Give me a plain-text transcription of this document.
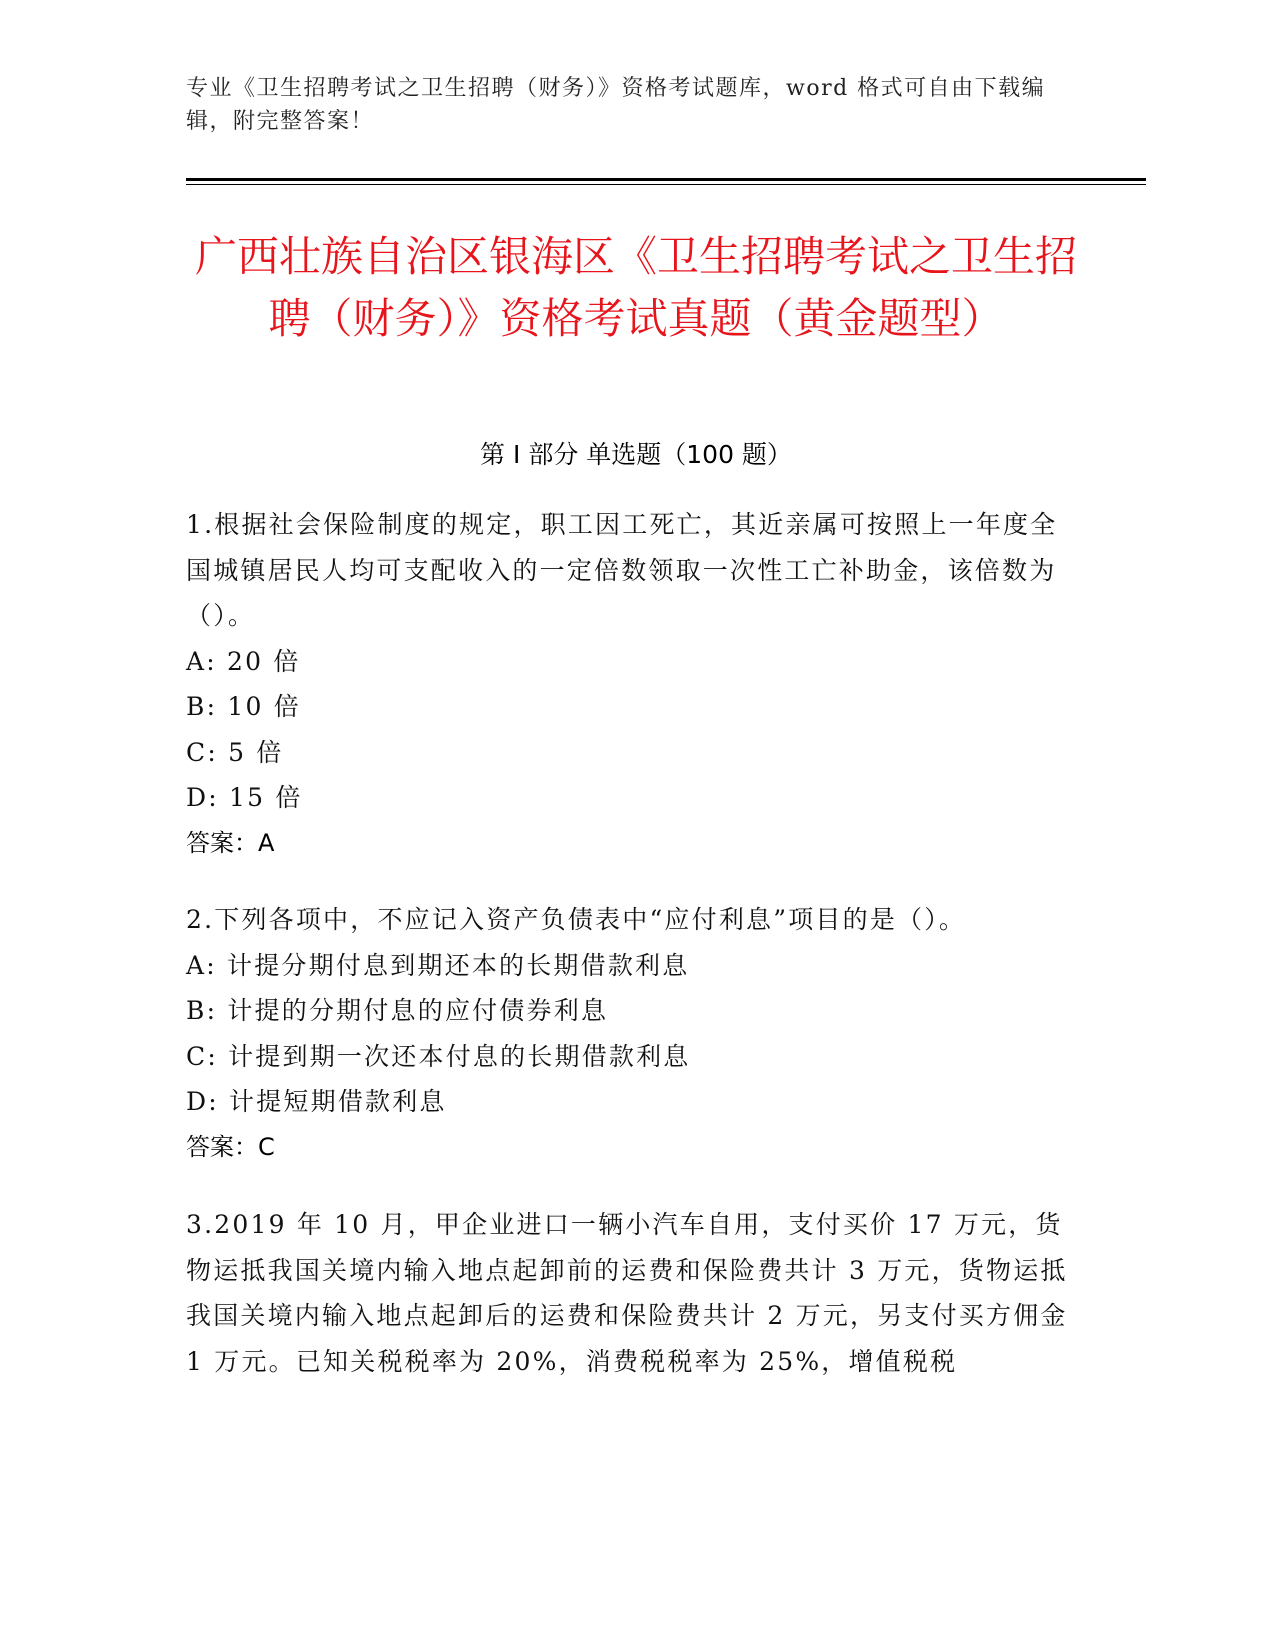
专业《卫生招聘考试之卫生招聘（财务）》资格考试题库，word 格式可自由下载编辑，附完整答案！
广西壮族自治区银海区《卫生招聘考试之卫生招聘（财务）》资格考试真题（黄金题型）
第 I 部分 单选题（100 题）

1.根据社会保险制度的规定，职工因工死亡，其近亲属可按照上一年度全国城镇居民人均可支配收入的一定倍数领取一次性工亡补助金，该倍数为（）。

A: 20 倍

B: 10 倍

C: 5 倍

D: 15 倍

答案：A

2.下列各项中，不应记入资产负债表中“应付利息”项目的是（）。

A: 计提分期付息到期还本的长期借款利息

B: 计提的分期付息的应付债券利息

C: 计提到期一次还本付息的长期借款利息

D: 计提短期借款利息

答案：C

3.2019 年 10 月，甲企业进口一辆小汽车自用，支付买价 17 万元，货物运抵我国关境内输入地点起卸前的运费和保险费共计 3 万元，货物运抵我国关境内输入地点起卸后的运费和保险费共计 2 万元，另支付买方佣金 1 万元。已知关税税率为 20%，消费税税率为 25%，增值税税
